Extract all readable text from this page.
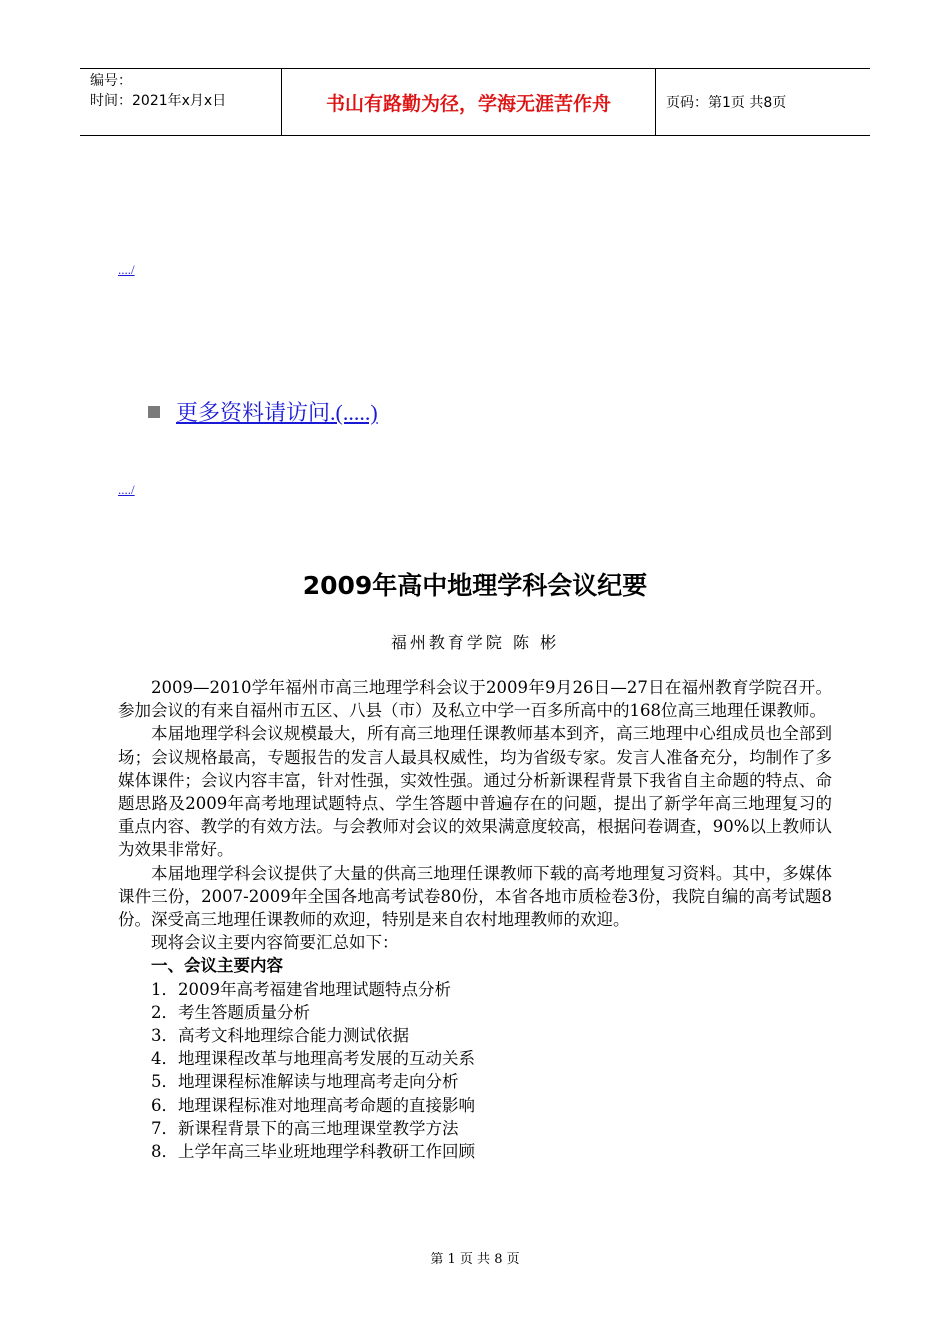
编号：
时间：2021年x月x日	书山有路勤为径，学海无涯苦作舟	页码：第1页 共8页
..../
更多资料请访问.(.....)
..../
2009年高中地理学科会议纪要
福州教育学院 陈 彬

2009—2010学年福州市高三地理学科会议于2009年9月26日—27日在福州教育学院召开。参加会议的有来自福州市五区、八县（市）及私立中学一百多所高中的168位高三地理任课教师。

本届地理学科会议规模最大，所有高三地理任课教师基本到齐，高三地理中心组成员也全部到场；会议规格最高，专题报告的发言人最具权威性，均为省级专家。发言人准备充分，均制作了多媒体课件；会议内容丰富，针对性强，实效性强。通过分析新课程背景下我省自主命题的特点、命题思路及2009年高考地理试题特点、学生答题中普遍存在的问题，提出了新学年高三地理复习的重点内容、教学的有效方法。与会教师对会议的效果满意度较高，根据问卷调查，90%以上教师认为效果非常好。

本届地理学科会议提供了大量的供高三地理任课教师下载的高考地理复习资料。其中，多媒体课件三份，2007-2009年全国各地高考试卷80份，本省各地市质检卷3份，我院自编的高考试题8份。深受高三地理任课教师的欢迎，特别是来自农村地理教师的欢迎。

现将会议主要内容简要汇总如下：

一、会议主要内容
1．2009年高考福建省地理试题特点分析
2．考生答题质量分析
3．高考文科地理综合能力测试依据
4．地理课程改革与地理高考发展的互动关系
5．地理课程标准解读与地理高考走向分析
6．地理课程标准对地理高考命题的直接影响
7．新课程背景下的高三地理课堂教学方法
8．上学年高三毕业班地理学科教研工作回顾
第 1 页 共 8 页
